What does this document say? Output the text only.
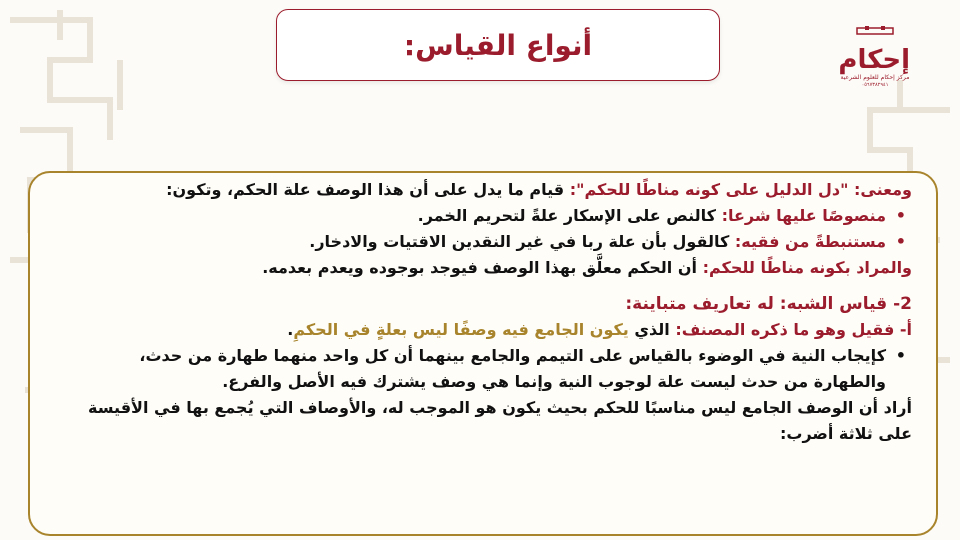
أنواع القياس:	إحكام
مركز إحكام للعلوم الشرعية
٠٥٦٧٣٨٢٩٤١

ومعنى: "دل الدليل على كونه مناطًا للحكم": قيام ما يدل على أن هذا الوصف علة الحكم، وتكون:

•
منصوصًا عليها شرعا: كالنص على الإسكار علةً لتحريم الخمر.

•
مستنبطةً من فقيه: كالقول بأن علة ربا في غير النقدين الاقتيات والادخار.

والمراد بكونه مناطًا للحكم: أن الحكم معلَّق بهذا الوصف فيوجد بوجوده ويعدم بعدمه.

2- قياس الشبه: له تعاريف متباينة:

أ- فقيل وهو ما ذكره المصنف: الذي يكون الجامع فيه وصفًا ليس بعلةٍ في الحكمِ.

•
كإيجاب النية في الوضوء بالقياس على التيمم والجامع بينهما أن كل واحد منهما طهارة من حدث، والطهارة من حدث ليست علة لوجوب النية وإنما هي وصف يشترك فيه الأصل والفرع.

أراد أن الوصف الجامع ليس مناسبًا للحكم بحيث يكون هو الموجب له، والأوصاف التي يُجمع بها في الأقيسة على ثلاثة أضرب:
